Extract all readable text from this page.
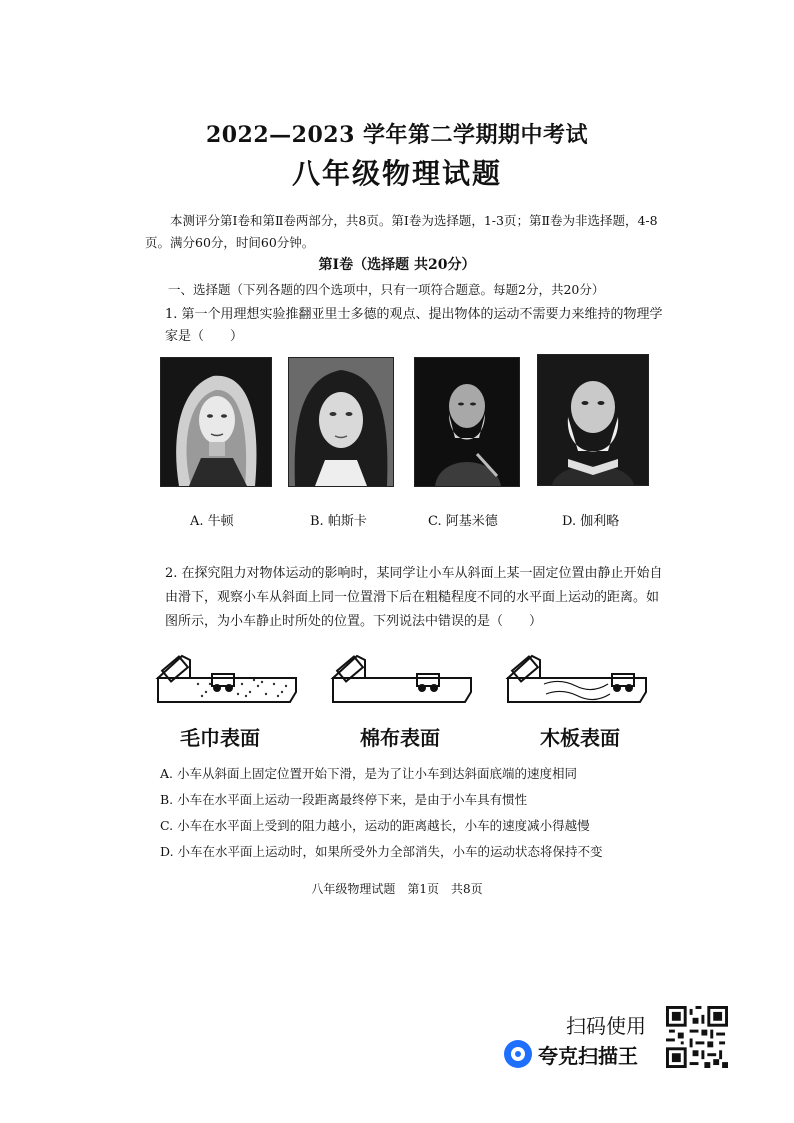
2022—2023 学年第二学期期中考试
八年级物理试题
本测评分第Ⅰ卷和第Ⅱ卷两部分，共8页。第Ⅰ卷为选择题，1-3页；第Ⅱ卷为非选择题，4-8页。满分60分，时间60分钟。
第Ⅰ卷（选择题 共20分）
一、选择题（下列各题的四个选项中，只有一项符合题意。每题2分，共20分）
1. 第一个用理想实验推翻亚里士多德的观点、提出物体的运动不需要力来维持的物理学家是（　　）
A. 牛顿	B. 帕斯卡	C. 阿基米德	D. 伽利略
2. 在探究阻力对物体运动的影响时，某同学让小车从斜面上某一固定位置由静止开始自由滑下，观察小车从斜面上同一位置滑下后在粗糙程度不同的水平面上运动的距离。如图所示，为小车静止时所处的位置。下列说法中错误的是（　　）
毛巾表面	棉布表面	木板表面
A. 小车从斜面上固定位置开始下滑，是为了让小车到达斜面底端的速度相同
B. 小车在水平面上运动一段距离最终停下来，是由于小车具有惯性
C. 小车在水平面上受到的阻力越小，运动的距离越长，小车的速度减小得越慢
D. 小车在水平面上运动时，如果所受外力全部消失，小车的运动状态将保持不变
八年级物理试题　第1页　共8页
扫码使用
夸克扫描王
